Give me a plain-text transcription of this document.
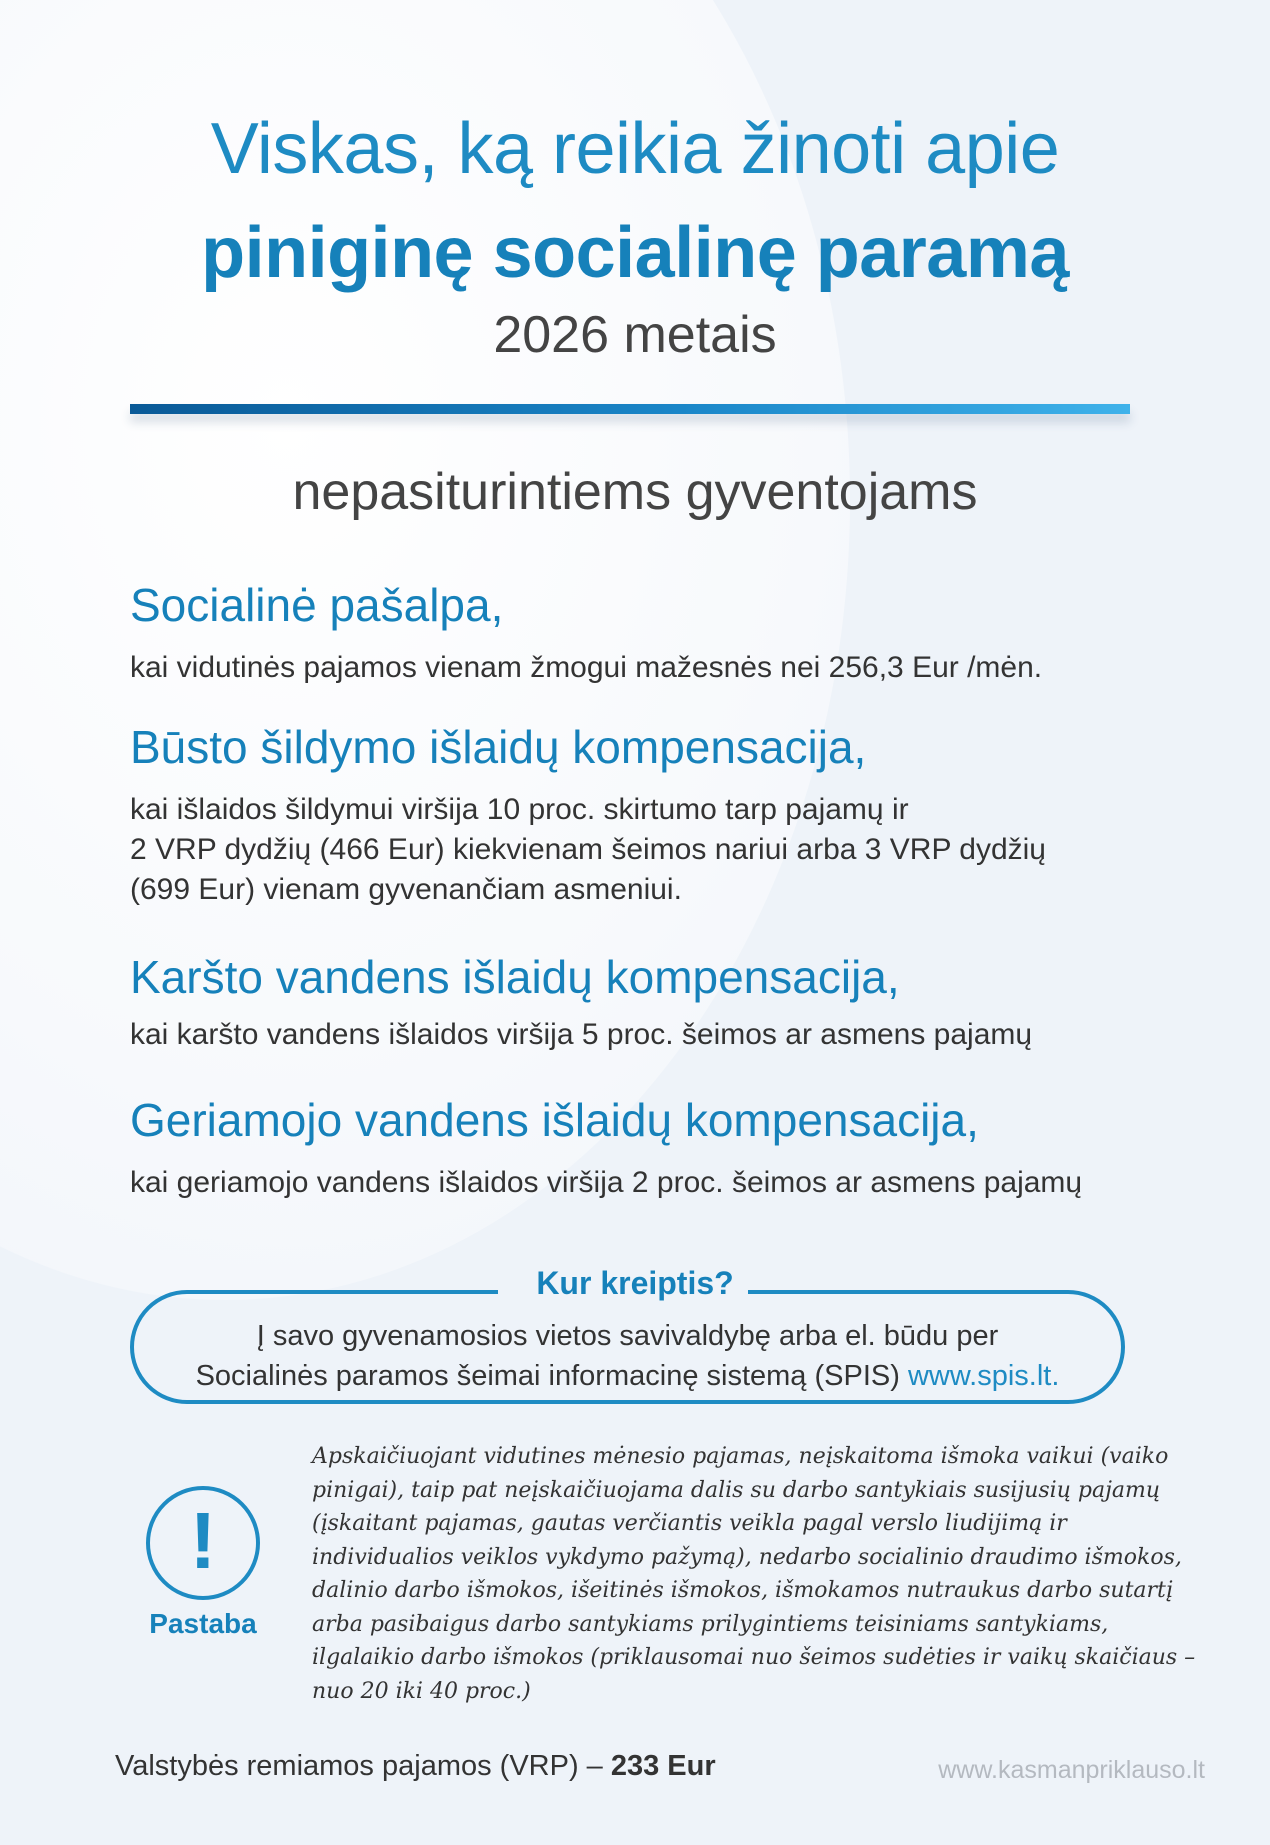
Viskas, ką reikia žinoti apie
piniginę socialinę paramą
2026 metais
nepasiturintiems gyventojams
Socialinė pašalpa,
kai vidutinės pajamos vienam žmogui mažesnės nei 256,3 Eur /mėn.
Būsto šildymo išlaidų kompensacija,
kai išlaidos šildymui viršija 10 proc. skirtumo tarp pajamų ir
2 VRP dydžių (466 Eur) kiekvienam šeimos nariui arba 3 VRP dydžių
(699 Eur) vienam gyvenančiam asmeniui.
Karšto vandens išlaidų kompensacija,
kai karšto vandens išlaidos viršija 5 proc. šeimos ar asmens pajamų
Geriamojo vandens išlaidų kompensacija,
kai geriamojo vandens išlaidos viršija 2 proc. šeimos ar asmens pajamų
Kur kreiptis?
Į savo gyvenamosios vietos savivaldybę arba el. būdu per
Socialinės paramos šeimai informacinę sistemą (SPIS) www.spis.lt.
!
Pastaba
Apskaičiuojant vidutines mėnesio pajamas, neįskaitoma išmoka vaikui (vaiko
pinigai), taip pat neįskaičiuojama dalis su darbo santykiais susijusių pajamų
(įskaitant pajamas, gautas verčiantis veikla pagal verslo liudijimą ir
individualios veiklos vykdymo pažymą), nedarbo socialinio draudimo išmokos,
dalinio darbo išmokos, išeitinės išmokos, išmokamos nutraukus darbo sutartį
arba pasibaigus darbo santykiams prilygintiems teisiniams santykiams,
ilgalaikio darbo išmokos (priklausomai nuo šeimos sudėties ir vaikų skaičiaus –
nuo 20 iki 40 proc.)
Valstybės remiamos pajamos (VRP) – 233 Eur	www.kasmanpriklauso.lt
